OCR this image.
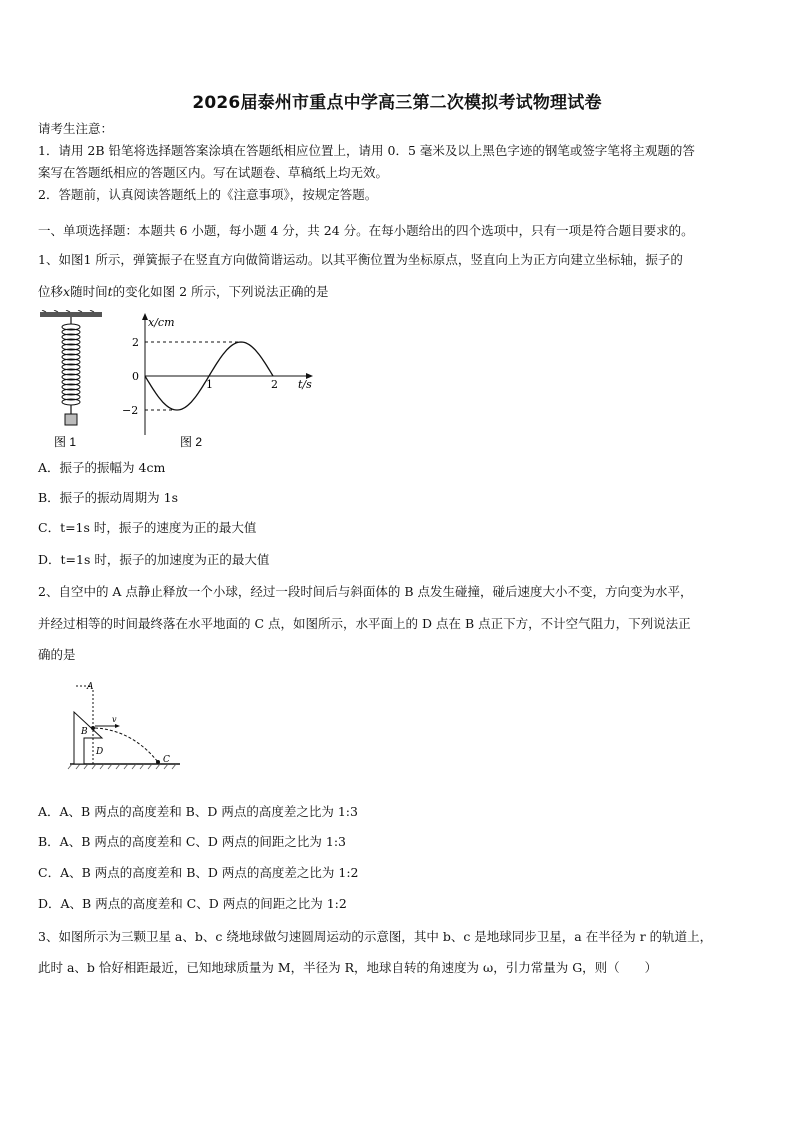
2026届泰州市重点中学高三第二次模拟考试物理试卷
请考生注意：
1．请用 2B 铅笔将选择题答案涂填在答题纸相应位置上，请用 0．5 毫米及以上黑色字迹的钢笔或签字笔将主观题的答
案写在答题纸相应的答题区内。写在试题卷、草稿纸上均无效。
2．答题前，认真阅读答题纸上的《注意事项》，按规定答题。
一、单项选择题：本题共 6 小题，每小题 4 分，共 24 分。在每小题给出的四个选项中，只有一项是符合题目要求的。
1、如图1 所示，弹簧振子在竖直方向做简谐运动。以其平衡位置为坐标原点，竖直向上为正方向建立坐标轴，振子的
位移x随时间t的变化如图 2 所示，下列说法正确的是
图 1
x/cm
t/s
2
0
−2
1	2
图 2
A．振子的振幅为 4cm
B．振子的振动周期为 1s
C．t=1s 时，振子的速度为正的最大值
D．t=1s 时，振子的加速度为正的最大值
2、自空中的 A 点静止释放一个小球，经过一段时间后与斜面体的 B 点发生碰撞，碰后速度大小不变，方向变为水平，
并经过相等的时间最终落在水平地面的 C 点，如图所示，水平面上的 D 点在 B 点正下方，不计空气阻力，下列说法正
确的是
A
B
D
v
C
A．A、B 两点的高度差和 B、D 两点的高度差之比为 1:3
B．A、B 两点的高度差和 C、D 两点的间距之比为 1:3
C．A、B 两点的高度差和 B、D 两点的高度差之比为 1:2
D．A、B 两点的高度差和 C、D 两点的间距之比为 1:2
3、如图所示为三颗卫星 a、b、c 绕地球做匀速圆周运动的示意图，其中 b、c 是地球同步卫星，a 在半径为 r 的轨道上，
此时 a、b 恰好相距最近，已知地球质量为 M，半径为 R，地球自转的角速度为 ω，引力常量为 G，则（　　）
